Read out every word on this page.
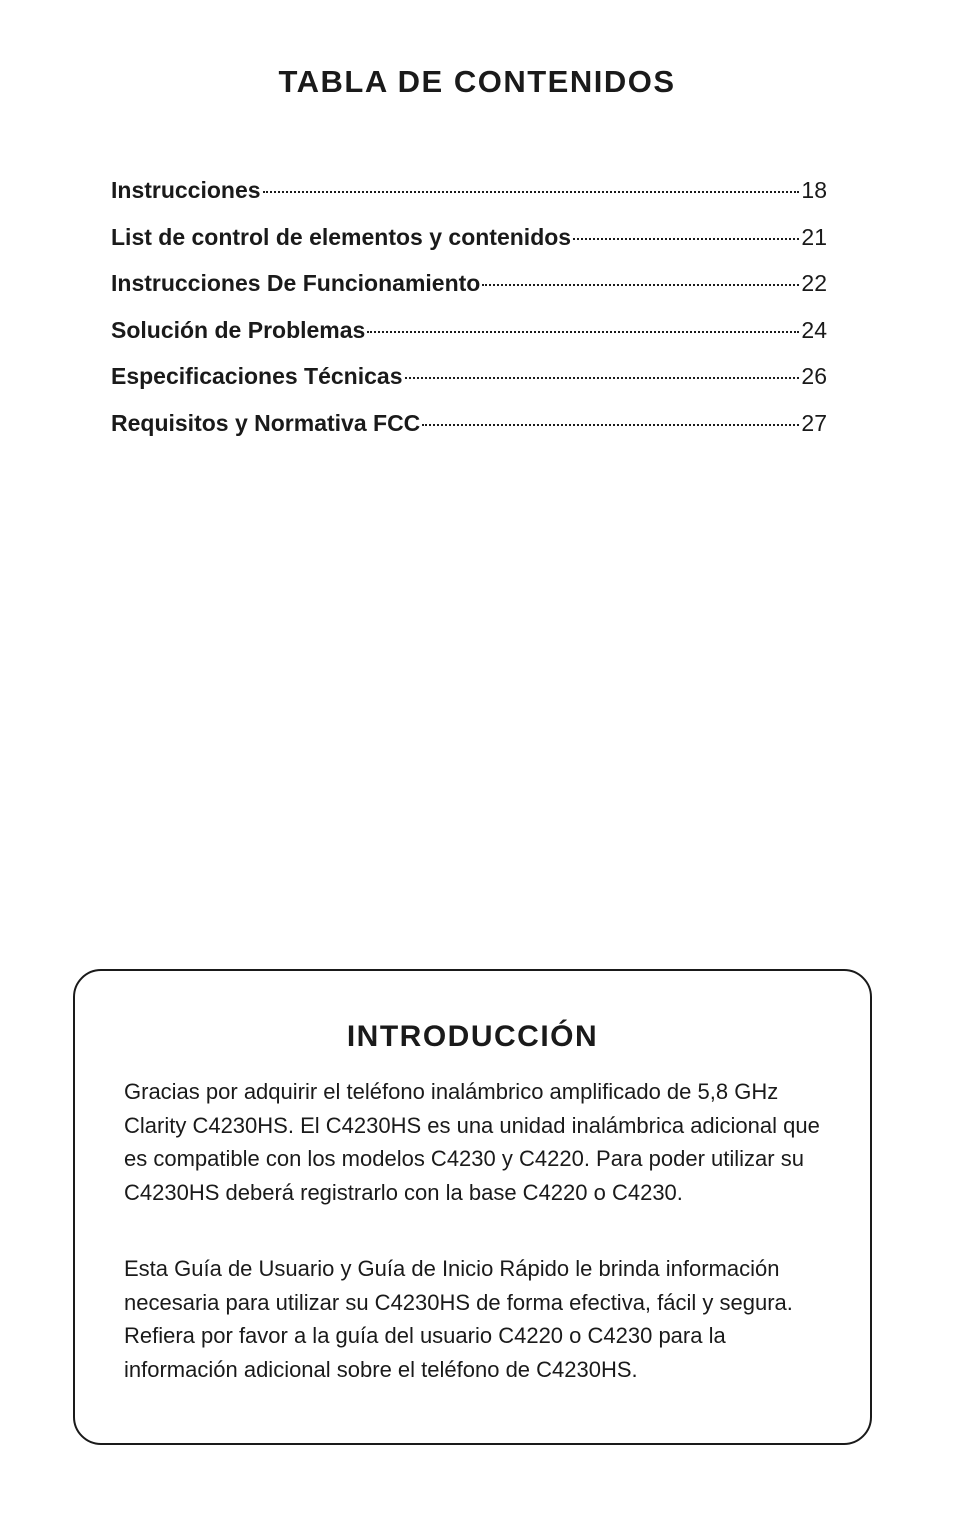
TABLA DE CONTENIDOS
Instrucciones	18
List de control de elementos y contenidos	21
Instrucciones De Funcionamiento	22
Solución de Problemas	24
Especificaciones Técnicas	26
Requisitos y Normativa FCC	27
INTRODUCCIÓN

Gracias por adquirir el teléfono inalámbrico amplificado de 5,8 GHz Clarity C4230HS. El C4230HS es una unidad inalámbrica adicional que es compatible con los modelos C4230 y C4220. Para poder utilizar su C4230HS deberá registrarlo con la base C4220 o C4230.

Esta Guía de Usuario y Guía de Inicio Rápido le brinda información necesaria para utilizar su C4230HS de forma efectiva, fácil y segura. Refiera por favor a la guía del usuario C4220 o C4230 para la información adicional sobre el teléfono de C4230HS.
